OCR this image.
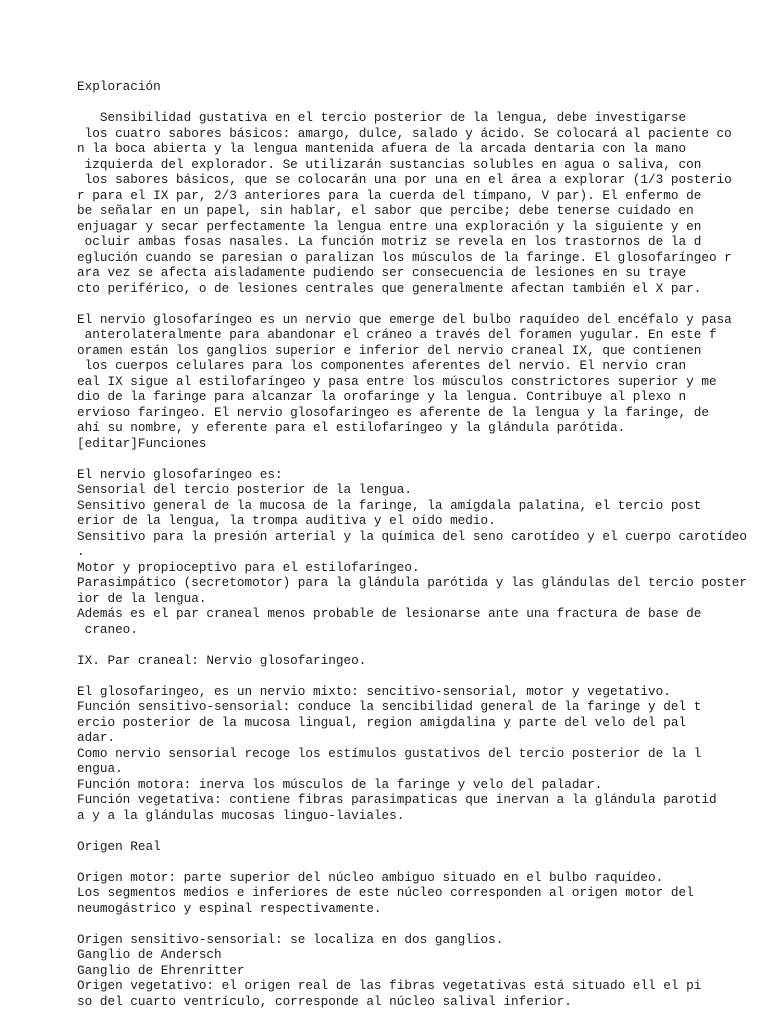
Exploración
Sensibilidad gustativa en el tercio posterior de la lengua, debe investigarse
los cuatro sabores básicos: amargo, dulce, salado y ácido. Se colocará al paciente co
n la boca abierta y la lengua mantenida afuera de la arcada dentaria con la mano
izquierda del explorador. Se utilizarán sustancias solubles en agua o saliva, con
los sabores básicos, que se colocarán una por una en el área a explorar (1/3 posterio
r para el IX par, 2/3 anteriores para la cuerda del tímpano, V par). El enfermo de
be señalar en un papel, sin hablar, el sabor que percibe; debe tenerse cuidado en
enjuagar y secar perfectamente la lengua entre una exploración y la siguiente y en
ocluir ambas fosas nasales. La función motriz se revela en los trastornos de la d
eglución cuando se paresian o paralizan los músculos de la faringe. El glosofaríngeo r
ara vez se afecta aisladamente pudiendo ser consecuencia de lesiones en su traye
cto periférico, o de lesiones centrales que generalmente afectan también el X par.
El nervio glosofaríngeo es un nervio que emerge del bulbo raquídeo del encéfalo y pasa
anterolateralmente para abandonar el cráneo a través del foramen yugular. En este f
oramen están los ganglios superior e inferior del nervio craneal IX, que contienen
los cuerpos celulares para los componentes aferentes del nervio. El nervio cran
eal IX sigue al estilofaríngeo y pasa entre los músculos constrictores superior y me
dio de la faringe para alcanzar la orofaringe y la lengua. Contribuye al plexo n
ervioso faríngeo. El nervio glosofaríngeo es aferente de la lengua y la faringe, de
ahí su nombre, y eferente para el estilofaríngeo y la glándula parótida.
[editar]Funciones
El nervio glosofaríngeo es:
Sensorial del tercio posterior de la lengua.
Sensitivo general de la mucosa de la faringe, la amígdala palatina, el tercio post
erior de la lengua, la trompa auditiva y el oído medio.
Sensitivo para la presión arterial y la química del seno carotídeo y el cuerpo carotídeo
.
Motor y propioceptivo para el estilofaríngeo.
Parasimpático (secretomotor) para la glándula parótida y las glándulas del tercio poster
ior de la lengua.
Además es el par craneal menos probable de lesionarse ante una fractura de base de
craneo.
IX. Par craneal: Nervio glosofaringeo.
El glosofaringeo, es un nervio mixto: sencitivo-sensorial, motor y vegetativo.
Función sensitivo-sensorial: conduce la sencibilidad general de la faringe y del t
ercio posterior de la mucosa lingual, region amigdalina y parte del velo del pal
adar.
Como nervio sensorial recoge los estímulos gustativos del tercio posterior de la l
engua.
Función motora: inerva los músculos de la faringe y velo del paladar.
Función vegetativa: contiene fibras parasimpaticas que inervan a la glándula parotid
a y a la glándulas mucosas linguo-laviales.
Origen Real
Origen motor: parte superior del núcleo ambiguo situado en el bulbo raquídeo.
Los segmentos medios e inferiores de este núcleo corresponden al origen motor del
neumogástrico y espinal respectivamente.
Origen sensitivo-sensorial: se localiza en dos ganglios.
Ganglio de Andersch
Ganglio de Ehrenritter
Origen vegetativo: el origen real de las fibras vegetativas está situado ell el pi
so del cuarto ventrículo, corresponde al núcleo salival inferior.
